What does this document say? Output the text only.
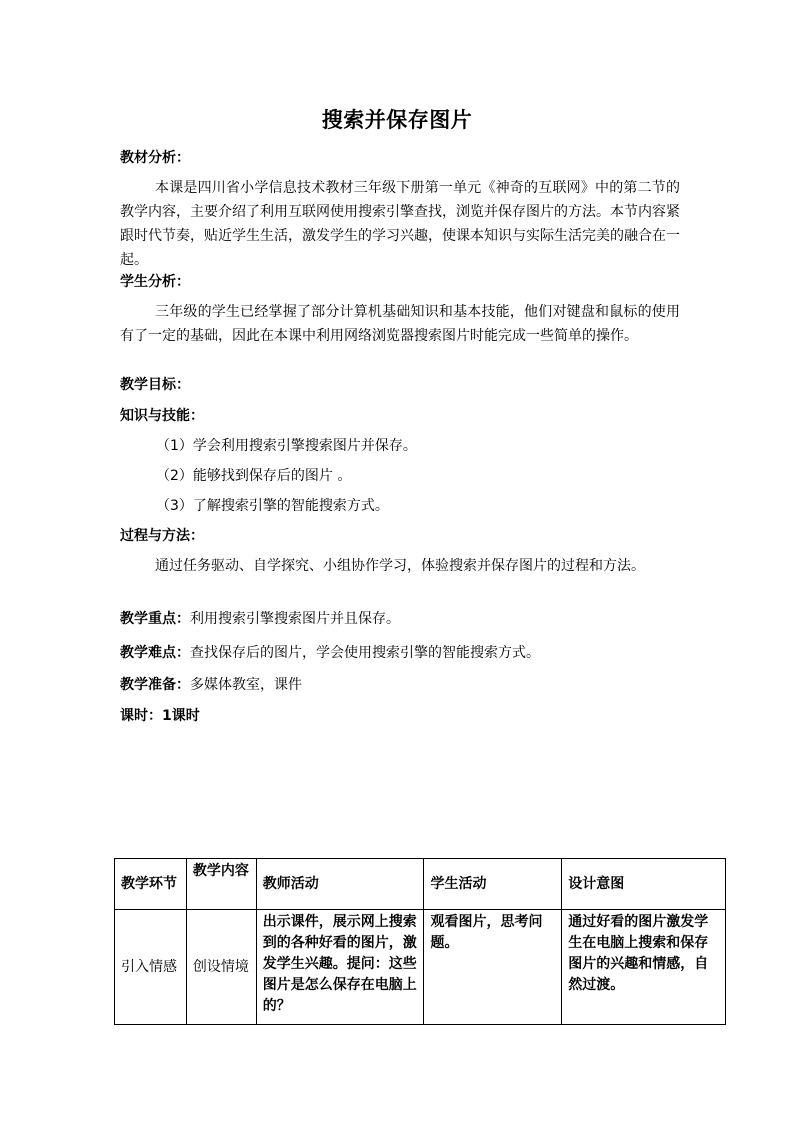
搜索并保存图片
教材分析：
本课是四川省小学信息技术教材三年级下册第一单元《神奇的互联网》中的第二节的教学内容，主要介绍了利用互联网使用搜索引擎查找，浏览并保存图片的方法。本节内容紧跟时代节奏，贴近学生生活，激发学生的学习兴趣，使课本知识与实际生活完美的融合在一起。
学生分析：
三年级的学生已经掌握了部分计算机基础知识和基本技能，他们对键盘和鼠标的使用有了一定的基础，因此在本课中利用网络浏览器搜索图片时能完成一些简单的操作。
教学目标：
知识与技能：
（1）学会利用搜索引擎搜索图片并保存。
（2）能够找到保存后的图片 。
（3）了解搜索引擎的智能搜索方式。
过程与方法：
通过任务驱动、自学探究、小组协作学习，体验搜索并保存图片的过程和方法。
教学重点：利用搜索引擎搜索图片并且保存。
教学难点：查找保存后的图片，学会使用搜索引擎的智能搜索方式。
教学准备：多媒体教室，课件
课时：1课时
教学环节	教学内容	教师活动	学生活动	设计意图
引入情感	创设情境	出示课件，展示网上搜索到的各种好看的图片，激发学生兴趣。提问：这些图片是怎么保存在电脑上的？	观看图片，思考问题。	通过好看的图片激发学生在电脑上搜索和保存图片的兴趣和情感，自然过渡。
